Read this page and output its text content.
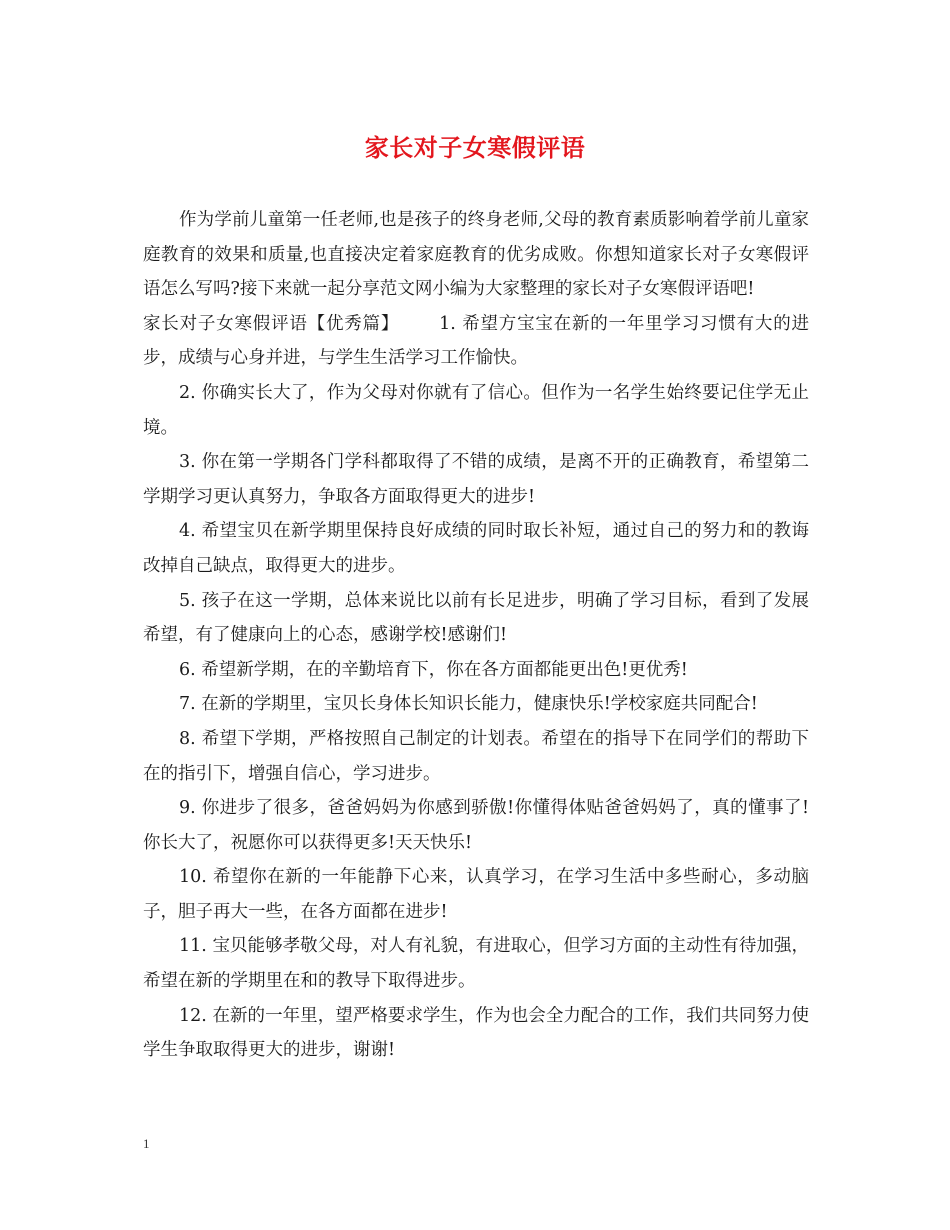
家长对子女寒假评语

作为学前儿童第一任老师,也是孩子的终身老师,父母的教育素质影响着学前儿童家庭教育的效果和质量,也直接决定着家庭教育的优劣成败。你想知道家长对子女寒假评语怎么写吗?接下来就一起分享范文网小编为大家整理的家长对子女寒假评语吧!

家长对子女寒假评语【优秀篇】 1. 希望方宝宝在新的一年里学习习惯有大的进步，成绩与心身并进，与学生生活学习工作愉快。

2. 你确实长大了，作为父母对你就有了信心。但作为一名学生始终要记住学无止境。

3. 你在第一学期各门学科都取得了不错的成绩，是离不开的正确教育，希望第二学期学习更认真努力，争取各方面取得更大的进步!

4. 希望宝贝在新学期里保持良好成绩的同时取长补短，通过自己的努力和的教诲改掉自己缺点，取得更大的进步。

5. 孩子在这一学期，总体来说比以前有长足进步，明确了学习目标，看到了发展希望，有了健康向上的心态，感谢学校!感谢们!

6. 希望新学期，在的辛勤培育下，你在各方面都能更出色!更优秀!

7. 在新的学期里，宝贝长身体长知识长能力，健康快乐!学校家庭共同配合!

8. 希望下学期，严格按照自己制定的计划表。希望在的指导下在同学们的帮助下在的指引下，增强自信心，学习进步。

9. 你进步了很多，爸爸妈妈为你感到骄傲!你懂得体贴爸爸妈妈了，真的懂事了!你长大了，祝愿你可以获得更多!天天快乐!

10. 希望你在新的一年能静下心来，认真学习，在学习生活中多些耐心，多动脑子，胆子再大一些，在各方面都在进步!

11. 宝贝能够孝敬父母，对人有礼貌，有进取心，但学习方面的主动性有待加强，希望在新的学期里在和的教导下取得进步。

12. 在新的一年里，望严格要求学生，作为也会全力配合的工作，我们共同努力使学生争取取得更大的进步，谢谢!

1
